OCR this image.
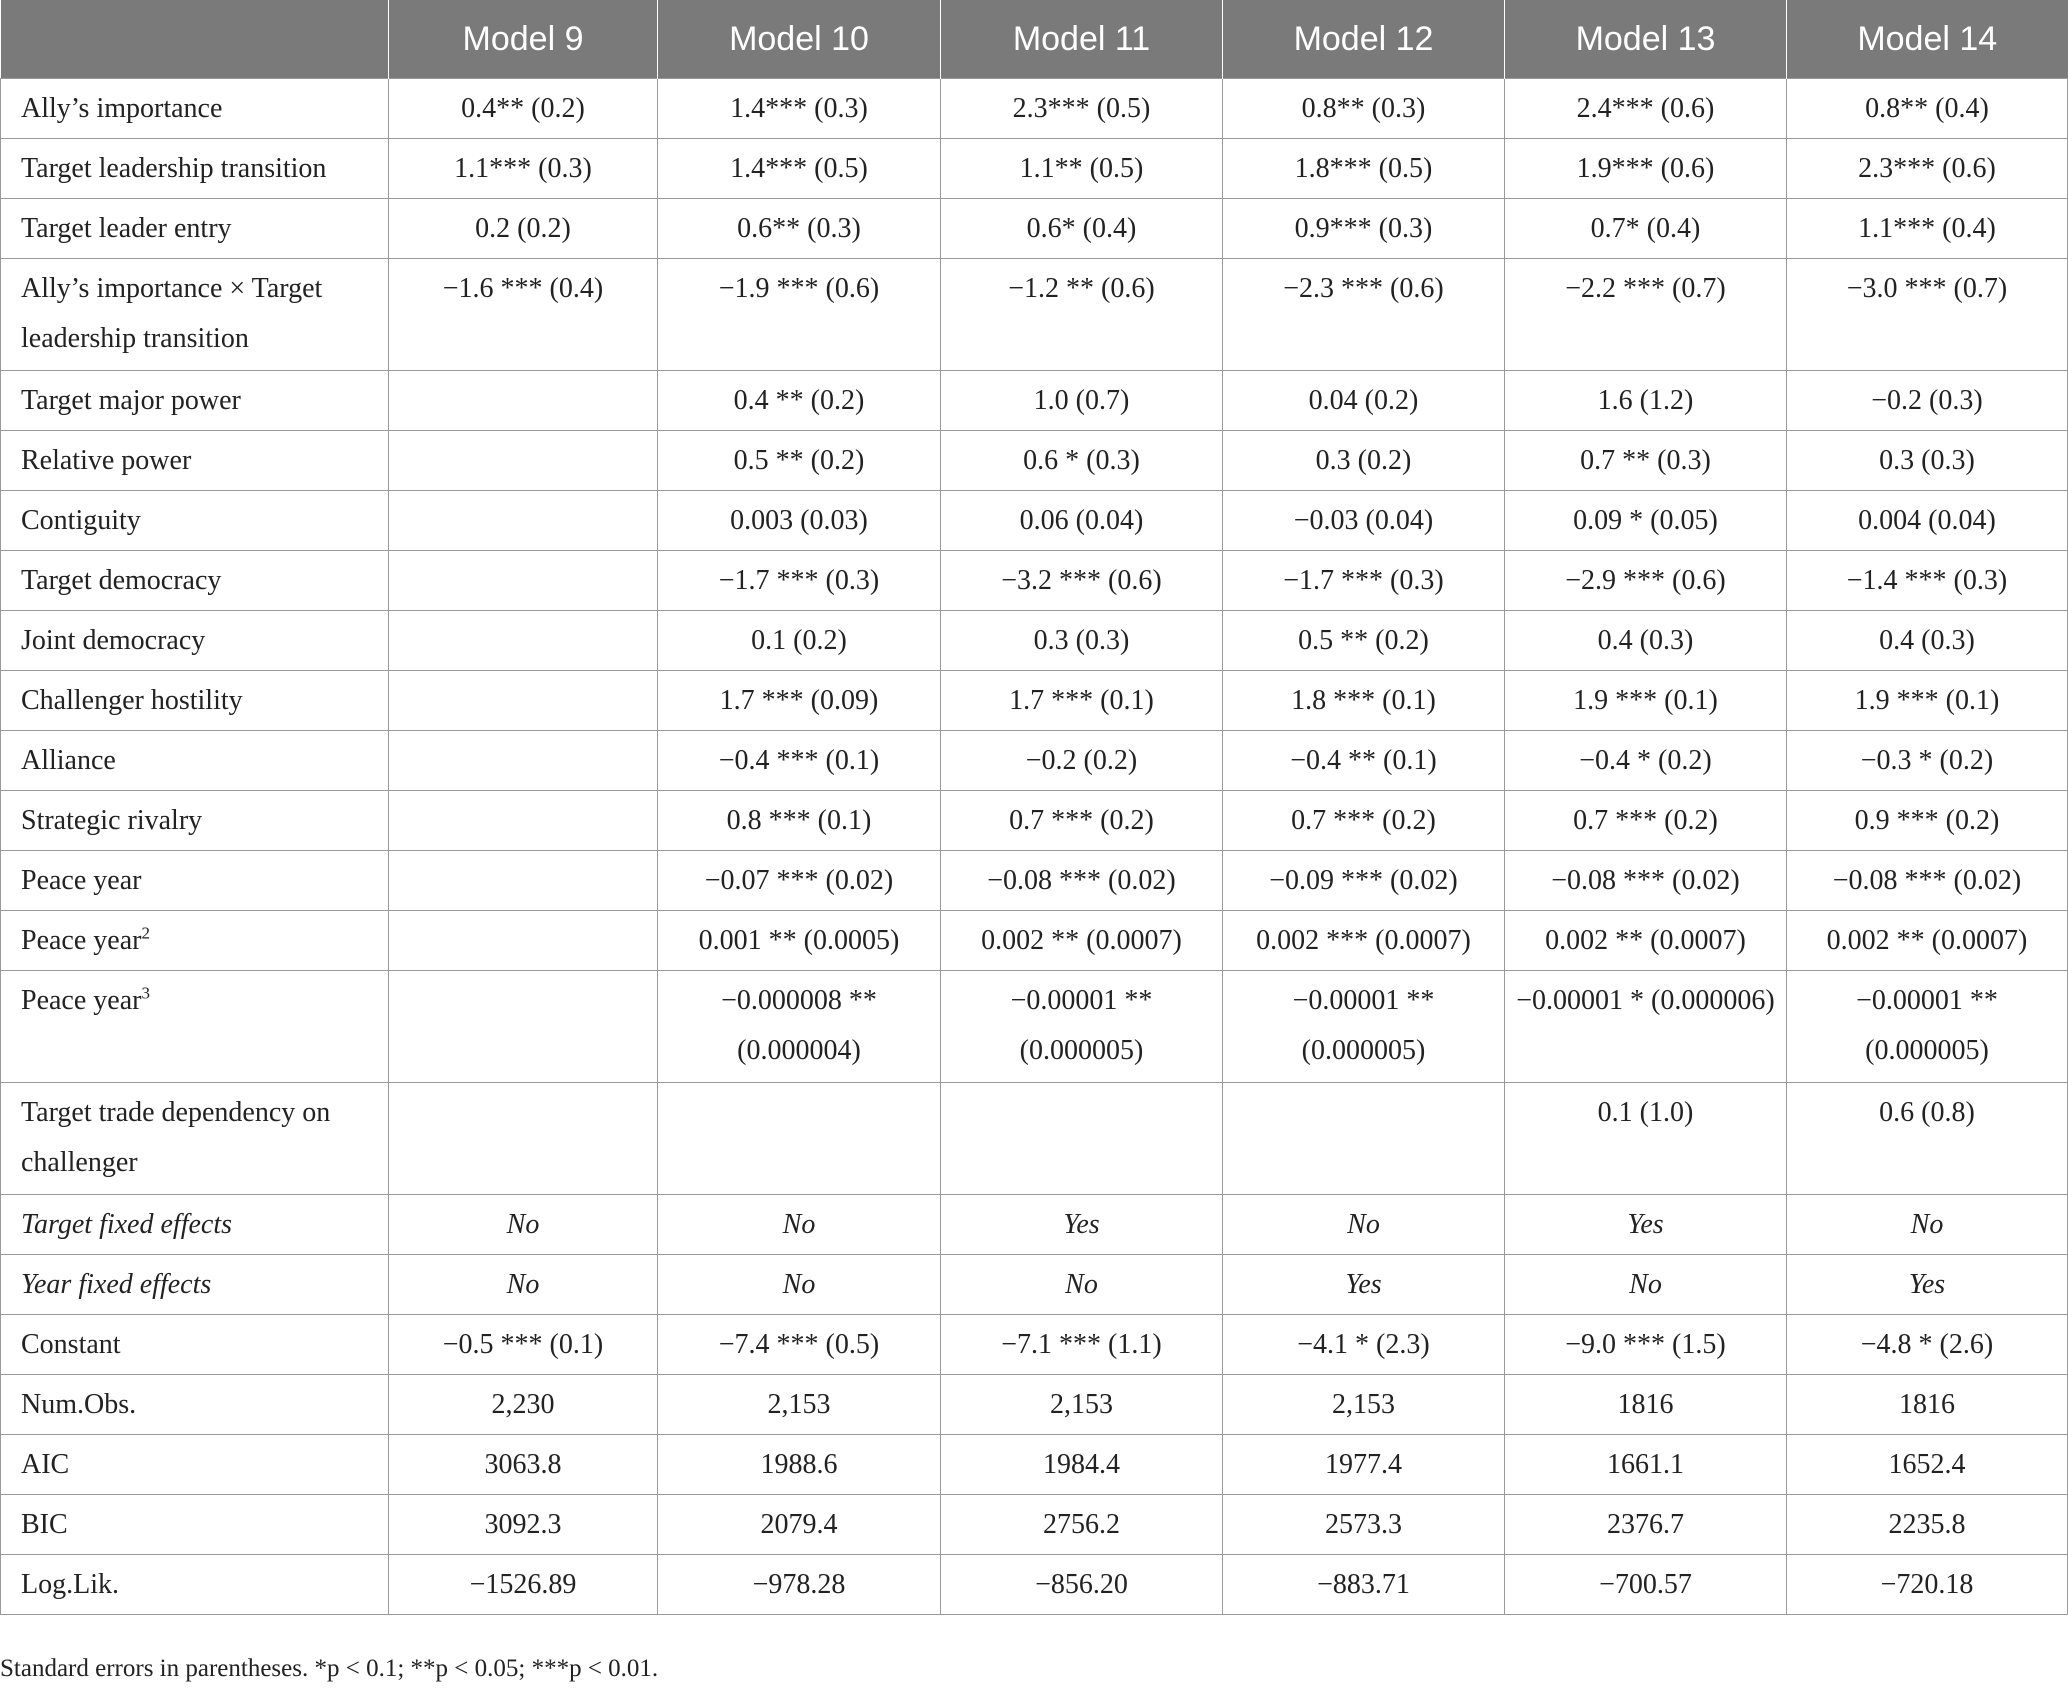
	Model 9	Model 10	Model 11	Model 12	Model 13	Model 14
Ally’s importance	0.4** (0.2)	1.4*** (0.3)	2.3*** (0.5)	0.8** (0.3)	2.4*** (0.6)	0.8** (0.4)
Target leadership transition	1.1*** (0.3)	1.4*** (0.5)	1.1** (0.5)	1.8*** (0.5)	1.9*** (0.6)	2.3*** (0.6)
Target leader entry	0.2 (0.2)	0.6** (0.3)	0.6* (0.4)	0.9*** (0.3)	0.7* (0.4)	1.1*** (0.4)
Ally’s importance × Target leadership transition	−1.6 *** (0.4)	−1.9 *** (0.6)	−1.2 ** (0.6)	−2.3 *** (0.6)	−2.2 *** (0.7)	−3.0 *** (0.7)
Target major power		0.4 ** (0.2)	1.0 (0.7)	0.04 (0.2)	1.6 (1.2)	−0.2 (0.3)
Relative power		0.5 ** (0.2)	0.6 * (0.3)	0.3 (0.2)	0.7 ** (0.3)	0.3 (0.3)
Contiguity		0.003 (0.03)	0.06 (0.04)	−0.03 (0.04)	0.09 * (0.05)	0.004 (0.04)
Target democracy		−1.7 *** (0.3)	−3.2 *** (0.6)	−1.7 *** (0.3)	−2.9 *** (0.6)	−1.4 *** (0.3)
Joint democracy		0.1 (0.2)	0.3 (0.3)	0.5 ** (0.2)	0.4 (0.3)	0.4 (0.3)
Challenger hostility		1.7 *** (0.09)	1.7 *** (0.1)	1.8 *** (0.1)	1.9 *** (0.1)	1.9 *** (0.1)
Alliance		−0.4 *** (0.1)	−0.2 (0.2)	−0.4 ** (0.1)	−0.4 * (0.2)	−0.3 * (0.2)
Strategic rivalry		0.8 *** (0.1)	0.7 *** (0.2)	0.7 *** (0.2)	0.7 *** (0.2)	0.9 *** (0.2)
Peace year		−0.07 *** (0.02)	−0.08 *** (0.02)	−0.09 *** (0.02)	−0.08 *** (0.02)	−0.08 *** (0.02)
Peace year$^2$		0.001 ** (0.0005)	0.002 ** (0.0007)	0.002 *** (0.0007)	0.002 ** (0.0007)	0.002 ** (0.0007)
Peace year$^3$		−0.000008 ** (0.000004)	−0.00001 ** (0.000005)	−0.00001 ** (0.000005)	−0.00001 * (0.000006)	−0.00001 ** (0.000005)
Target trade dependency on challenger					0.1 (1.0)	0.6 (0.8)
Target fixed effects	No	No	Yes	No	Yes	No
Year fixed effects	No	No	No	Yes	No	Yes
Constant	−0.5 *** (0.1)	−7.4 *** (0.5)	−7.1 *** (1.1)	−4.1 * (2.3)	−9.0 *** (1.5)	−4.8 * (2.6)
Num.Obs.	2,230	2,153	2,153	2,153	1816	1816
AIC	3063.8	1988.6	1984.4	1977.4	1661.1	1652.4
BIC	3092.3	2079.4	2756.2	2573.3	2376.7	2235.8
Log.Lik.	−1526.89	−978.28	−856.20	−883.71	−700.57	−720.18
Standard errors in parentheses. *p < 0.1; **p < 0.05; ***p < 0.01.
